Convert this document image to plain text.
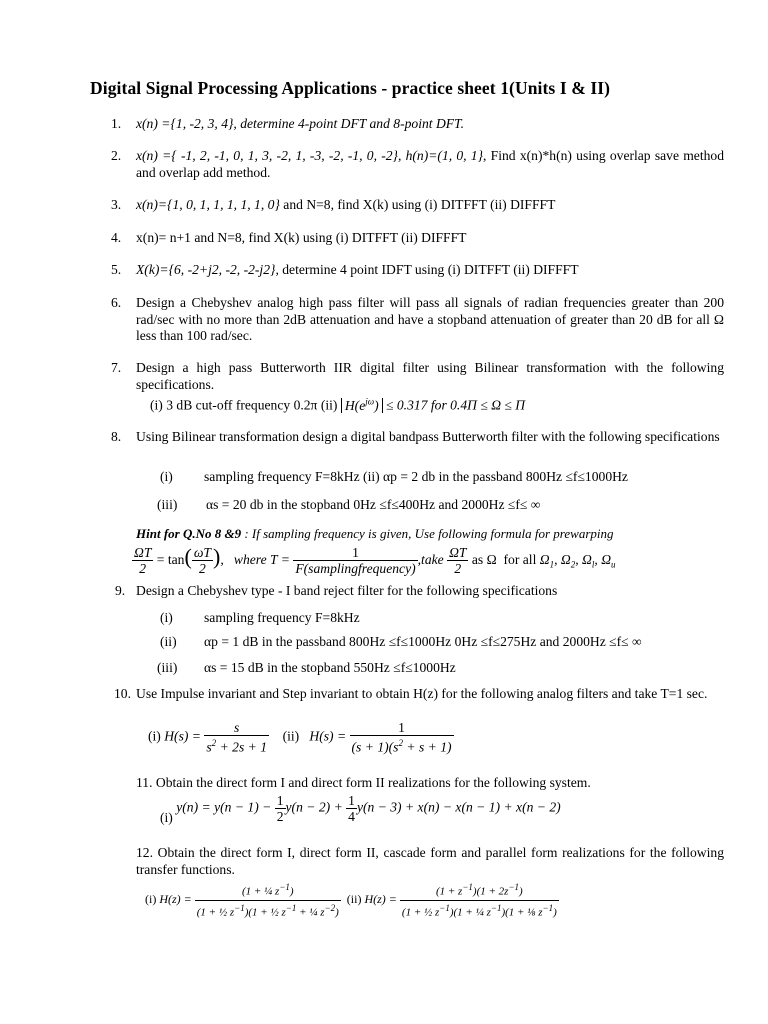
Digital Signal Processing Applications - practice sheet 1(Units I & II)
1.	x(n) ={1, -2, 3, 4}, determine 4-point DFT and 8-point DFT.
2.	x(n) ={ -1, 2, -1, 0, 1, 3, -2, 1, -3, -2, -1, 0, -2}, h(n)=(1, 0, 1}, Find x(n)*h(n) using overlap save method and overlap add method.
3.	x(n)={1, 0, 1, 1, 1, 1, 1, 0} and N=8, find X(k) using (i) DITFFT (ii) DIFFFT
4.	x(n)= n+1 and N=8, find X(k) using (i) DITFFT (ii) DIFFFT
5.	X(k)={6, -2+j2, -2, -2-j2}, determine 4 point IDFT using (i) DITFFT (ii) DIFFFT
6.	Design a Chebyshev analog high pass filter will pass all signals of radian frequencies greater than 200 rad/sec with no more than 2dB attenuation and have a stopband attenuation of greater than 20 dB for all Ω less than 100 rad/sec.
7.	Design a high pass Butterworth IIR digital filter using Bilinear transformation with the following specifications.
(i) 3 dB cut-off frequency 0.2π (ii) $H(e^{j\omega}) \le 0.317$ for 0.4Π ≤ Ω ≤ Π
8.	Using Bilinear transformation design a digital bandpass Butterworth filter with the following specifications
(i) sampling frequency F=8kHz (ii) αp = 2 db in the passband 800Hz ≤f≤1000Hz
(iii) αs = 20 db in the stopband 0Hz ≤f≤400Hz and 2000Hz ≤f≤ ∞
Hint for Q.No 8 &9 : If sampling frequency is given, Use following formula for prewarping
$\frac{\Omega T}{2} = \tan( \frac{\omega T}{2}$ ),   where $T = \frac{1}{\text{F(samplingfrequency)}}$ ,take $\frac{\Omega T}{2}$ as Ω  for all $\Omega_1$, $\Omega_2$, $\Omega_l$, $\Omega_u$
9. Design a Chebyshev type - I band reject filter for the following specifications
(i) sampling frequency F=8kHz
(ii) αp = 1 dB in the passband 800Hz ≤f≤1000Hz 0Hz ≤f≤275Hz and 2000Hz ≤f≤ ∞
(iii) αs = 15 dB in the stopband 550Hz ≤f≤1000Hz
10. Use Impulse invariant and Step invariant to obtain H(z) for the following analog filters and take T=1 sec.
(i) $H(s) = \frac{s}{s^2 + 2s + 1} (ii) H(s) = \frac{1}{(s + 1)(s^2 + s + 1)}$
11. Obtain the direct form I and direct form II realizations for the following system.
(i) $y(n) = y(n - 1) - \frac{1}{2} y(n - 2) + \frac{1}{4} y(n - 3) + x(n) - x(n - 1) + x(n - 2)$
12. Obtain the direct form I, direct form II, cascade form and parallel form realizations for the following transfer functions.
(i) $H(z) = \frac{(1 + \frac{1}{4} z^{-1})}{(1 + \frac{1}{2} z^{-1})(1 + \frac{1}{2} z^{-1} + \frac{1}{4} z^{-2})} (ii) H(z) = \frac{(1 + z^{-1})(1 + 2z^{-1})}{(1 + \frac{1}{2} z^{-1})(1 + \frac{1}{4} z^{-1})(1 + \frac{1}{8} z^{-1})}$
